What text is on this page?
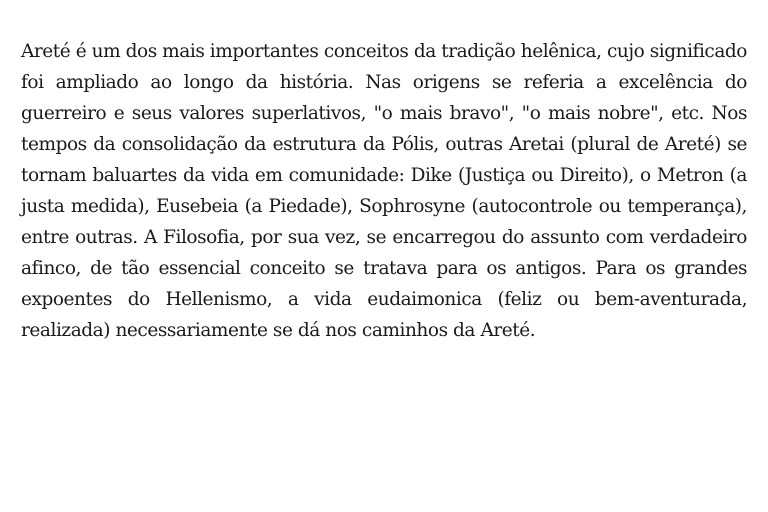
Areté é um dos mais importantes conceitos da tradição helênica, cujo significado foi ampliado ao longo da história. Nas origens se referia a excelência do guerreiro e seus valores superlativos, "o mais bravo", "o mais nobre", etc. Nos tempos da consolidação da estrutura da Pólis, outras Aretai (plural de Areté) se tornam baluartes da vida em comunidade: Dike (Justiça ou Direito), o Metron (a justa medida), Eusebeia (a Piedade), Sophrosyne (autocontrole ou temperança), entre outras. A Filosofia, por sua vez, se encarregou do assunto com verdadeiro afinco, de tão essencial conceito se tratava para os antigos. Para os grandes expoentes do Hellenismo, a vida eudaimonica (feliz ou bem-aventurada, realizada) necessariamente se dá nos caminhos da Areté.
